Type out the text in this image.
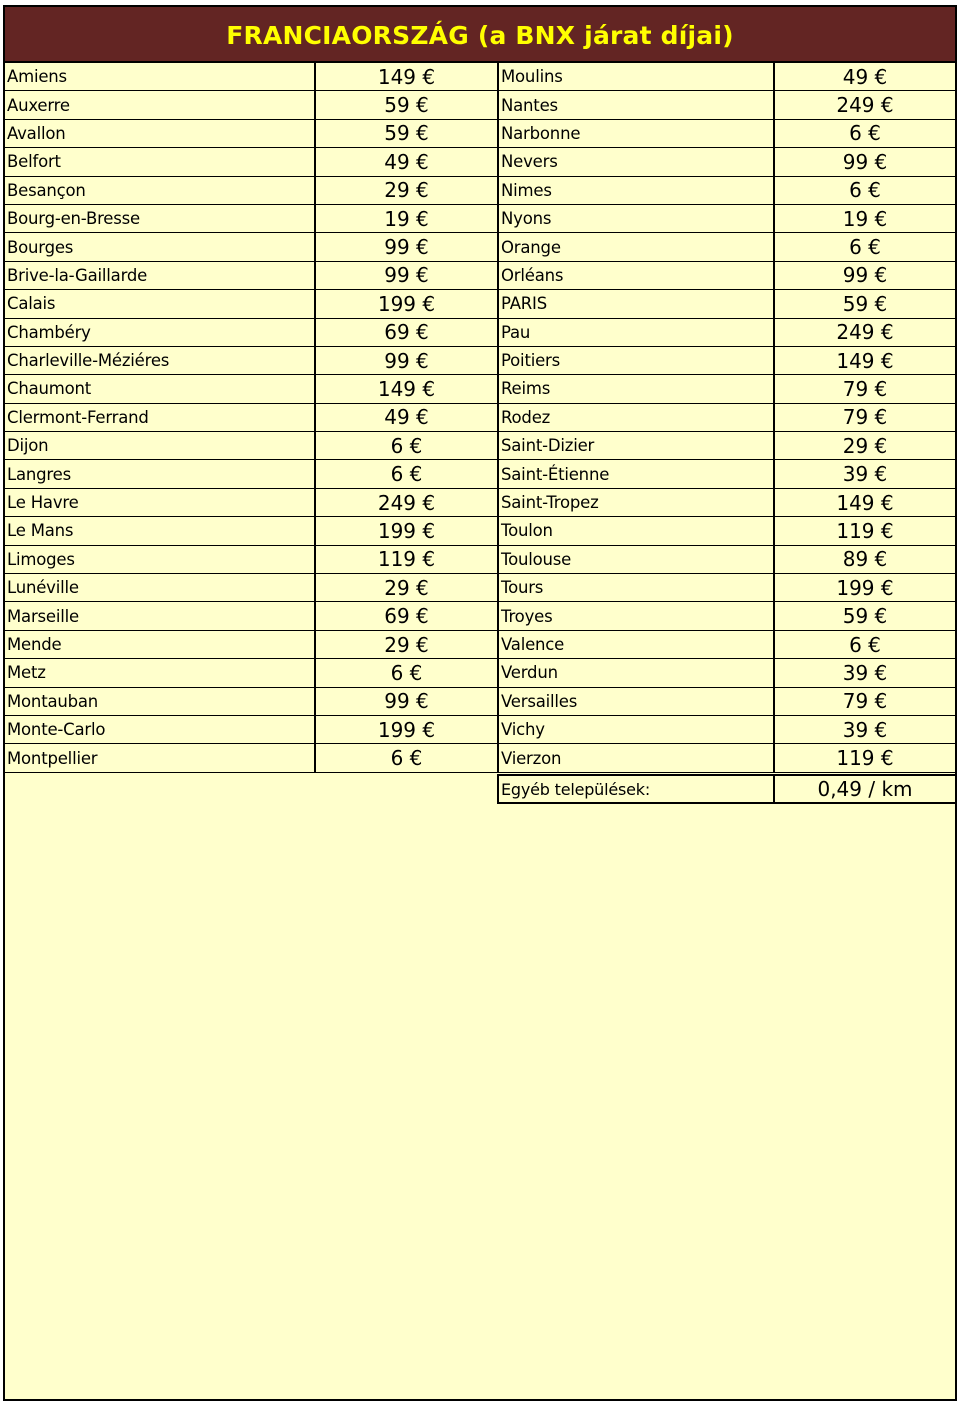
FRANCIAORSZÁG (a BNX járat díjai)
Amiens	149 €	Moulins	49 €
Auxerre	59 €	Nantes	249 €
Avallon	59 €	Narbonne	6 €
Belfort	49 €	Nevers	99 €
Besançon	29 €	Nimes	6 €
Bourg-en-Bresse	19 €	Nyons	19 €
Bourges	99 €	Orange	6 €
Brive-la-Gaillarde	99 €	Orléans	99 €
Calais	199 €	PARIS	59 €
Chambéry	69 €	Pau	249 €
Charleville-Méziéres	99 €	Poitiers	149 €
Chaumont	149 €	Reims	79 €
Clermont-Ferrand	49 €	Rodez	79 €
Dijon	6 €	Saint-Dizier	29 €
Langres	6 €	Saint-Étienne	39 €
Le Havre	249 €	Saint-Tropez	149 €
Le Mans	199 €	Toulon	119 €
Limoges	119 €	Toulouse	89 €
Lunéville	29 €	Tours	199 €
Marseille	69 €	Troyes	59 €
Mende	29 €	Valence	6 €
Metz	6 €	Verdun	39 €
Montauban	99 €	Versailles	79 €
Monte-Carlo	199 €	Vichy	39 €
Montpellier	6 €	Vierzon	119 €
Egyéb települések:	0,49 / km
